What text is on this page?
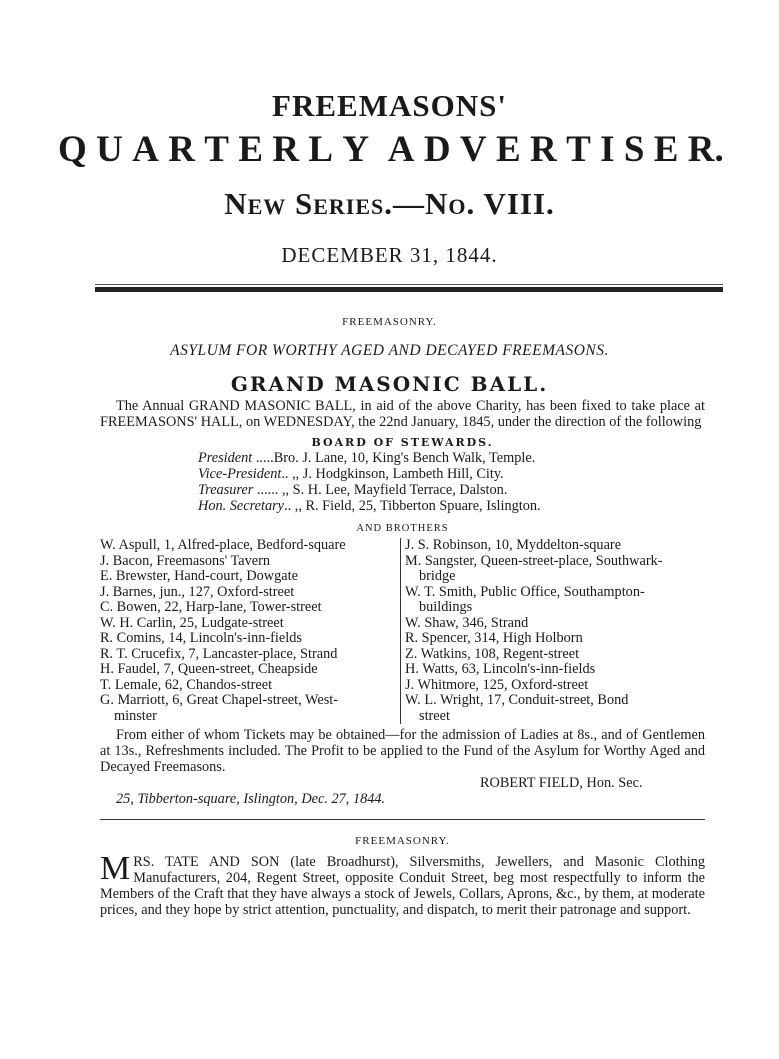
FREEMASONS'
Q U A R T E R L Y A D V E R T I S E R.
New Series.—No. VIII.
DECEMBER 31, 1844.
FREEMASONRY.
ASYLUM FOR WORTHY AGED AND DECAYED FREEMASONS.
GRAND MASONIC BALL.
The Annual GRAND MASONIC BALL, in aid of the above Charity, has been fixed to take place at FREEMASONS' HALL, on WEDNESDAY, the 22nd January, 1845, under the direction of the following
BOARD OF STEWARDS.
President .....Bro. J. Lane, 10, King's Bench Walk, Temple.
Vice-President.. ,, J. Hodgkinson, Lambeth Hill, City.
Treasurer ...... ,, S. H. Lee, Mayfield Terrace, Dalston.
Hon. Secretary.. ,, R. Field, 25, Tibberton Spuare, Islington.
AND BROTHERS
W. Aspull, 1, Alfred-place, Bedford-square
J. Bacon, Freemasons' Tavern
E. Brewster, Hand-court, Dowgate
J. Barnes, jun., 127, Oxford-street
C. Bowen, 22, Harp-lane, Tower-street
W. H. Carlin, 25, Ludgate-street
R. Comins, 14, Lincoln's-inn-fields
R. T. Crucefix, 7, Lancaster-place, Strand
H. Faudel, 7, Queen-street, Cheapside
T. Lemale, 62, Chandos-street
G. Marriott, 6, Great Chapel-street, West-
minster
J. S. Robinson, 10, Myddelton-square
M. Sangster, Queen-street-place, Southwark-
bridge
W. T. Smith, Public Office, Southampton-
buildings
W. Shaw, 346, Strand
R. Spencer, 314, High Holborn
Z. Watkins, 108, Regent-street
H. Watts, 63, Lincoln's-inn-fields
J. Whitmore, 125, Oxford-street
W. L. Wright, 17, Conduit-street, Bond
street
From either of whom Tickets may be obtained—for the admission of Ladies at 8s., and of Gentlemen at 13s., Refreshments included. The Profit to be applied to the Fund of the Asylum for Worthy Aged and Decayed Freemasons.
ROBERT FIELD, Hon. Sec.
25, Tibberton-square, Islington, Dec. 27, 1844.
FREEMASONRY.
MRS. TATE AND SON (late Broadhurst), Silversmiths, Jewellers, and Masonic Clothing Manufacturers, 204, Regent Street, opposite Conduit Street, beg most respectfully to inform the Members of the Craft that they have always a stock of Jewels, Collars, Aprons, &c., by them, at moderate prices, and they hope by strict attention, punctuality, and dispatch, to merit their patronage and support.
